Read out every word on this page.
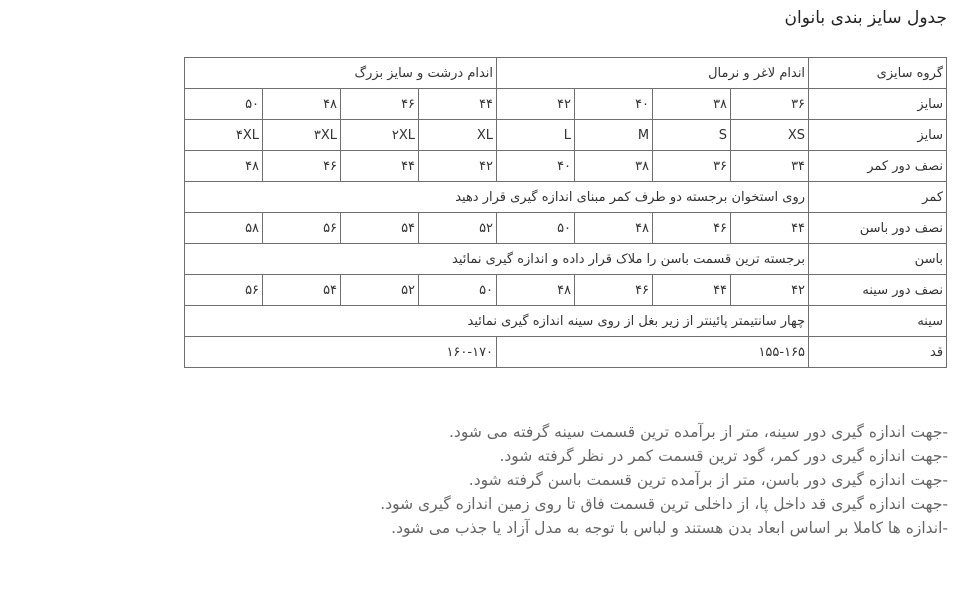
جدول سایز بندی بانوان
گروه سایزی	اندام لاغر و نرمال				اندام درشت و سایز بزرگ			
سایز	۳۶	۳۸	۴۰	۴۲	۴۴	۴۶	۴۸	۵۰
سایز	XS	S	M	L	XL	۲XL	۳XL	۴XL
نصف دور کمر	۳۴	۳۶	۳۸	۴۰	۴۲	۴۴	۴۶	۴۸
کمر	روی استخوان برجسته دو طرف کمر مبنای اندازه گیری قرار دهید							
نصف دور باسن	۴۴	۴۶	۴۸	۵۰	۵۲	۵۴	۵۶	۵۸
باسن	برجسته ترین قسمت باسن را ملاک قرار داده و اندازه گیری نمائید							
نصف دور سینه	۴۲	۴۴	۴۶	۴۸	۵۰	۵۲	۵۴	۵۶
سینه	چهار سانتیمتر پائینتر از زیر بغل از روی سینه اندازه گیری نمائید							
قد	۱۵۵-۱۶۵				۱۶۰-۱۷۰			
-جهت اندازه گیری دور سینه، متر از برآمده ترین قسمت سینه گرفته می شود.
-جهت اندازه گیری دور کمر، گود ترین قسمت کمر در نظر گرفته شود.
-جهت اندازه گیری دور باسن، متر از برآمده ترین قسمت باسن گرفته شود.
-جهت اندازه گیری قد داخل پا، از داخلی ترین قسمت فاق تا روی زمین اندازه گیری شود.
-اندازه ها کاملا بر اساس ابعاد بدن هستند و لباس با توجه به مدل آزاد یا جذب می شود.
